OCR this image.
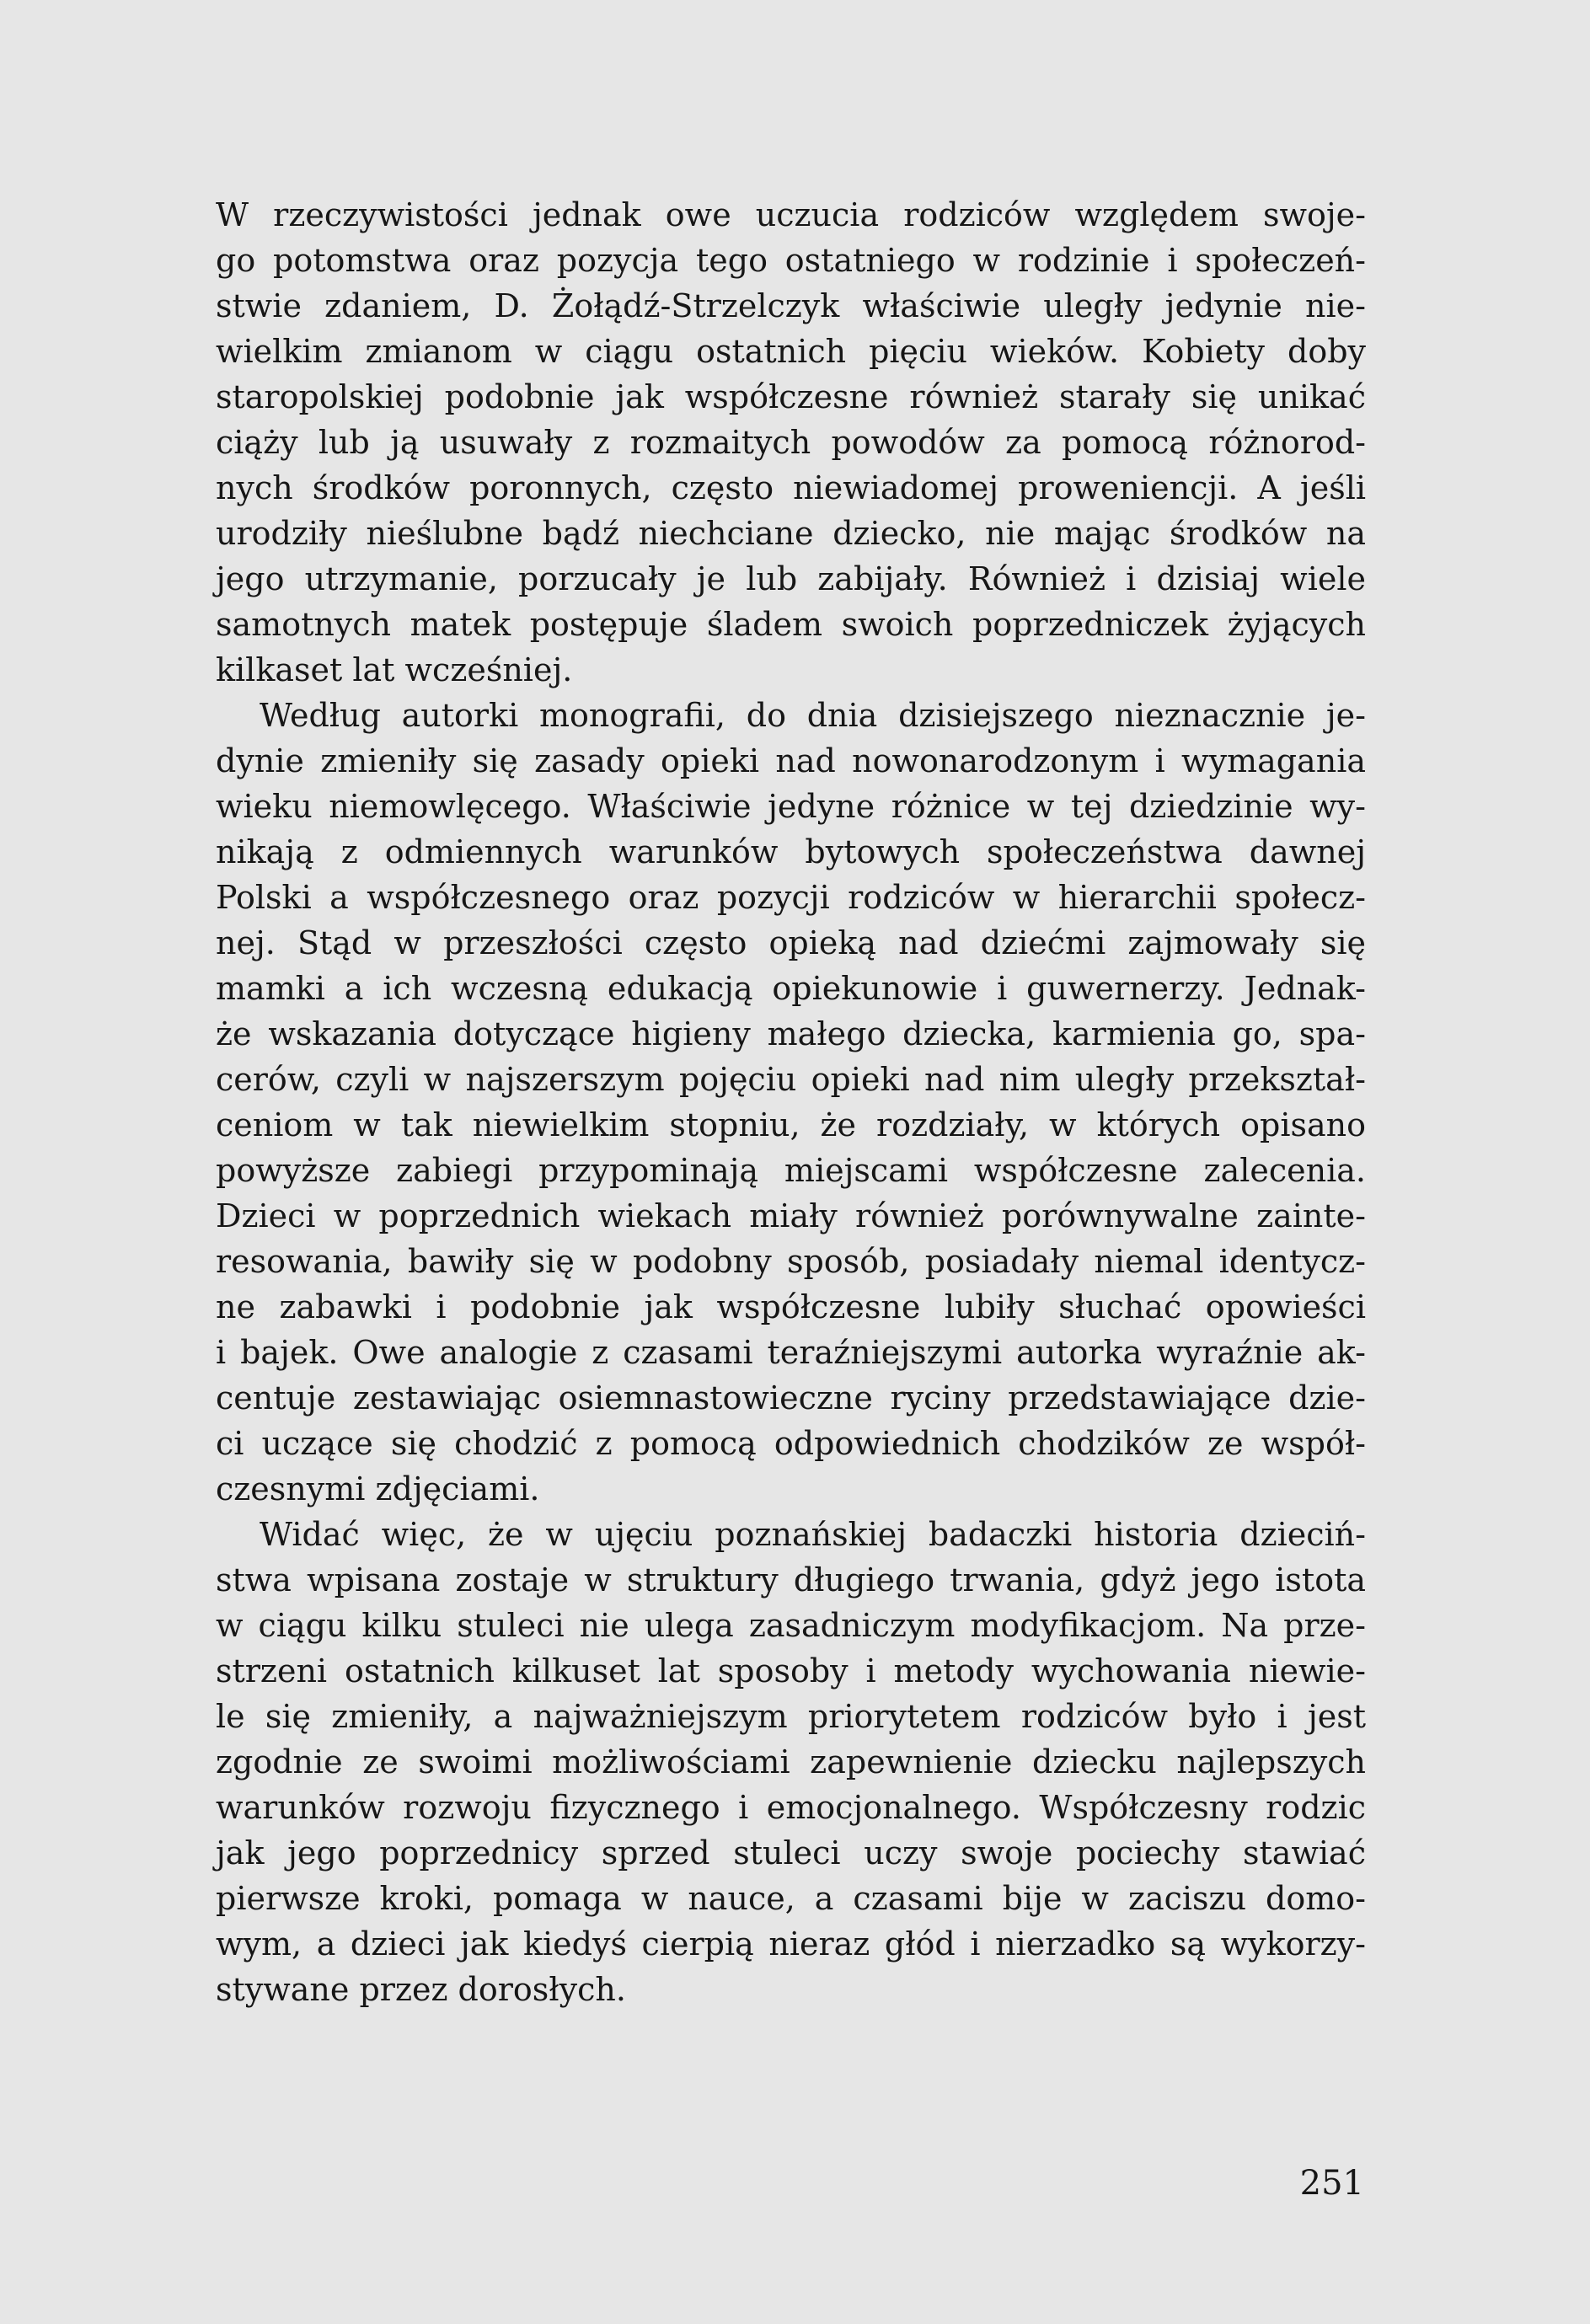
W rzeczywistości jednak owe uczucia rodziców względem swoje-
go potomstwa oraz pozycja tego ostatniego w rodzinie i społeczeń-
stwie zdaniem, D. Żołądź-Strzelczyk właściwie uległy jedynie nie-
wielkim zmianom w ciągu ostatnich pięciu wieków. Kobiety doby
staropolskiej podobnie jak współczesne również starały się unikać
ciąży lub ją usuwały z rozmaitych powodów za pomocą różnorod-
nych środków poronnych, często niewiadomej proweniencji. A jeśli
urodziły nieślubne bądź niechciane dziecko, nie mając środków na
jego utrzymanie, porzucały je lub zabijały. Również i dzisiaj wiele
samotnych matek postępuje śladem swoich poprzedniczek żyjących
kilkaset lat wcześniej.
Według autorki monografii, do dnia dzisiejszego nieznacznie je-
dynie zmieniły się zasady opieki nad nowonarodzonym i wymagania
wieku niemowlęcego. Właściwie jedyne różnice w tej dziedzinie wy-
nikają z odmiennych warunków bytowych społeczeństwa dawnej
Polski a współczesnego oraz pozycji rodziców w hierarchii społecz-
nej. Stąd w przeszłości często opieką nad dziećmi zajmowały się
mamki a ich wczesną edukacją opiekunowie i guwernerzy. Jednak-
że wskazania dotyczące higieny małego dziecka, karmienia go, spa-
cerów, czyli w najszerszym pojęciu opieki nad nim uległy przekształ-
ceniom w tak niewielkim stopniu, że rozdziały, w których opisano
powyższe zabiegi przypominają miejscami współczesne zalecenia.
Dzieci w poprzednich wiekach miały również porównywalne zainte-
resowania, bawiły się w podobny sposób, posiadały niemal identycz-
ne zabawki i podobnie jak współczesne lubiły słuchać opowieści
i bajek. Owe analogie z czasami teraźniejszymi autorka wyraźnie ak-
centuje zestawiając osiemnastowieczne ryciny przedstawiające dzie-
ci uczące się chodzić z pomocą odpowiednich chodzików ze współ-
czesnymi zdjęciami.
Widać więc, że w ujęciu poznańskiej badaczki historia dzieciń-
stwa wpisana zostaje w struktury długiego trwania, gdyż jego istota
w ciągu kilku stuleci nie ulega zasadniczym modyfikacjom. Na prze-
strzeni ostatnich kilkuset lat sposoby i metody wychowania niewie-
le się zmieniły, a najważniejszym priorytetem rodziców było i jest
zgodnie ze swoimi możliwościami zapewnienie dziecku najlepszych
warunków rozwoju fizycznego i emocjonalnego. Współczesny rodzic
jak jego poprzednicy sprzed stuleci uczy swoje pociechy stawiać
pierwsze kroki, pomaga w nauce, a czasami bije w zaciszu domo-
wym, a dzieci jak kiedyś cierpią nieraz głód i nierzadko są wykorzy-
stywane przez dorosłych.
251
